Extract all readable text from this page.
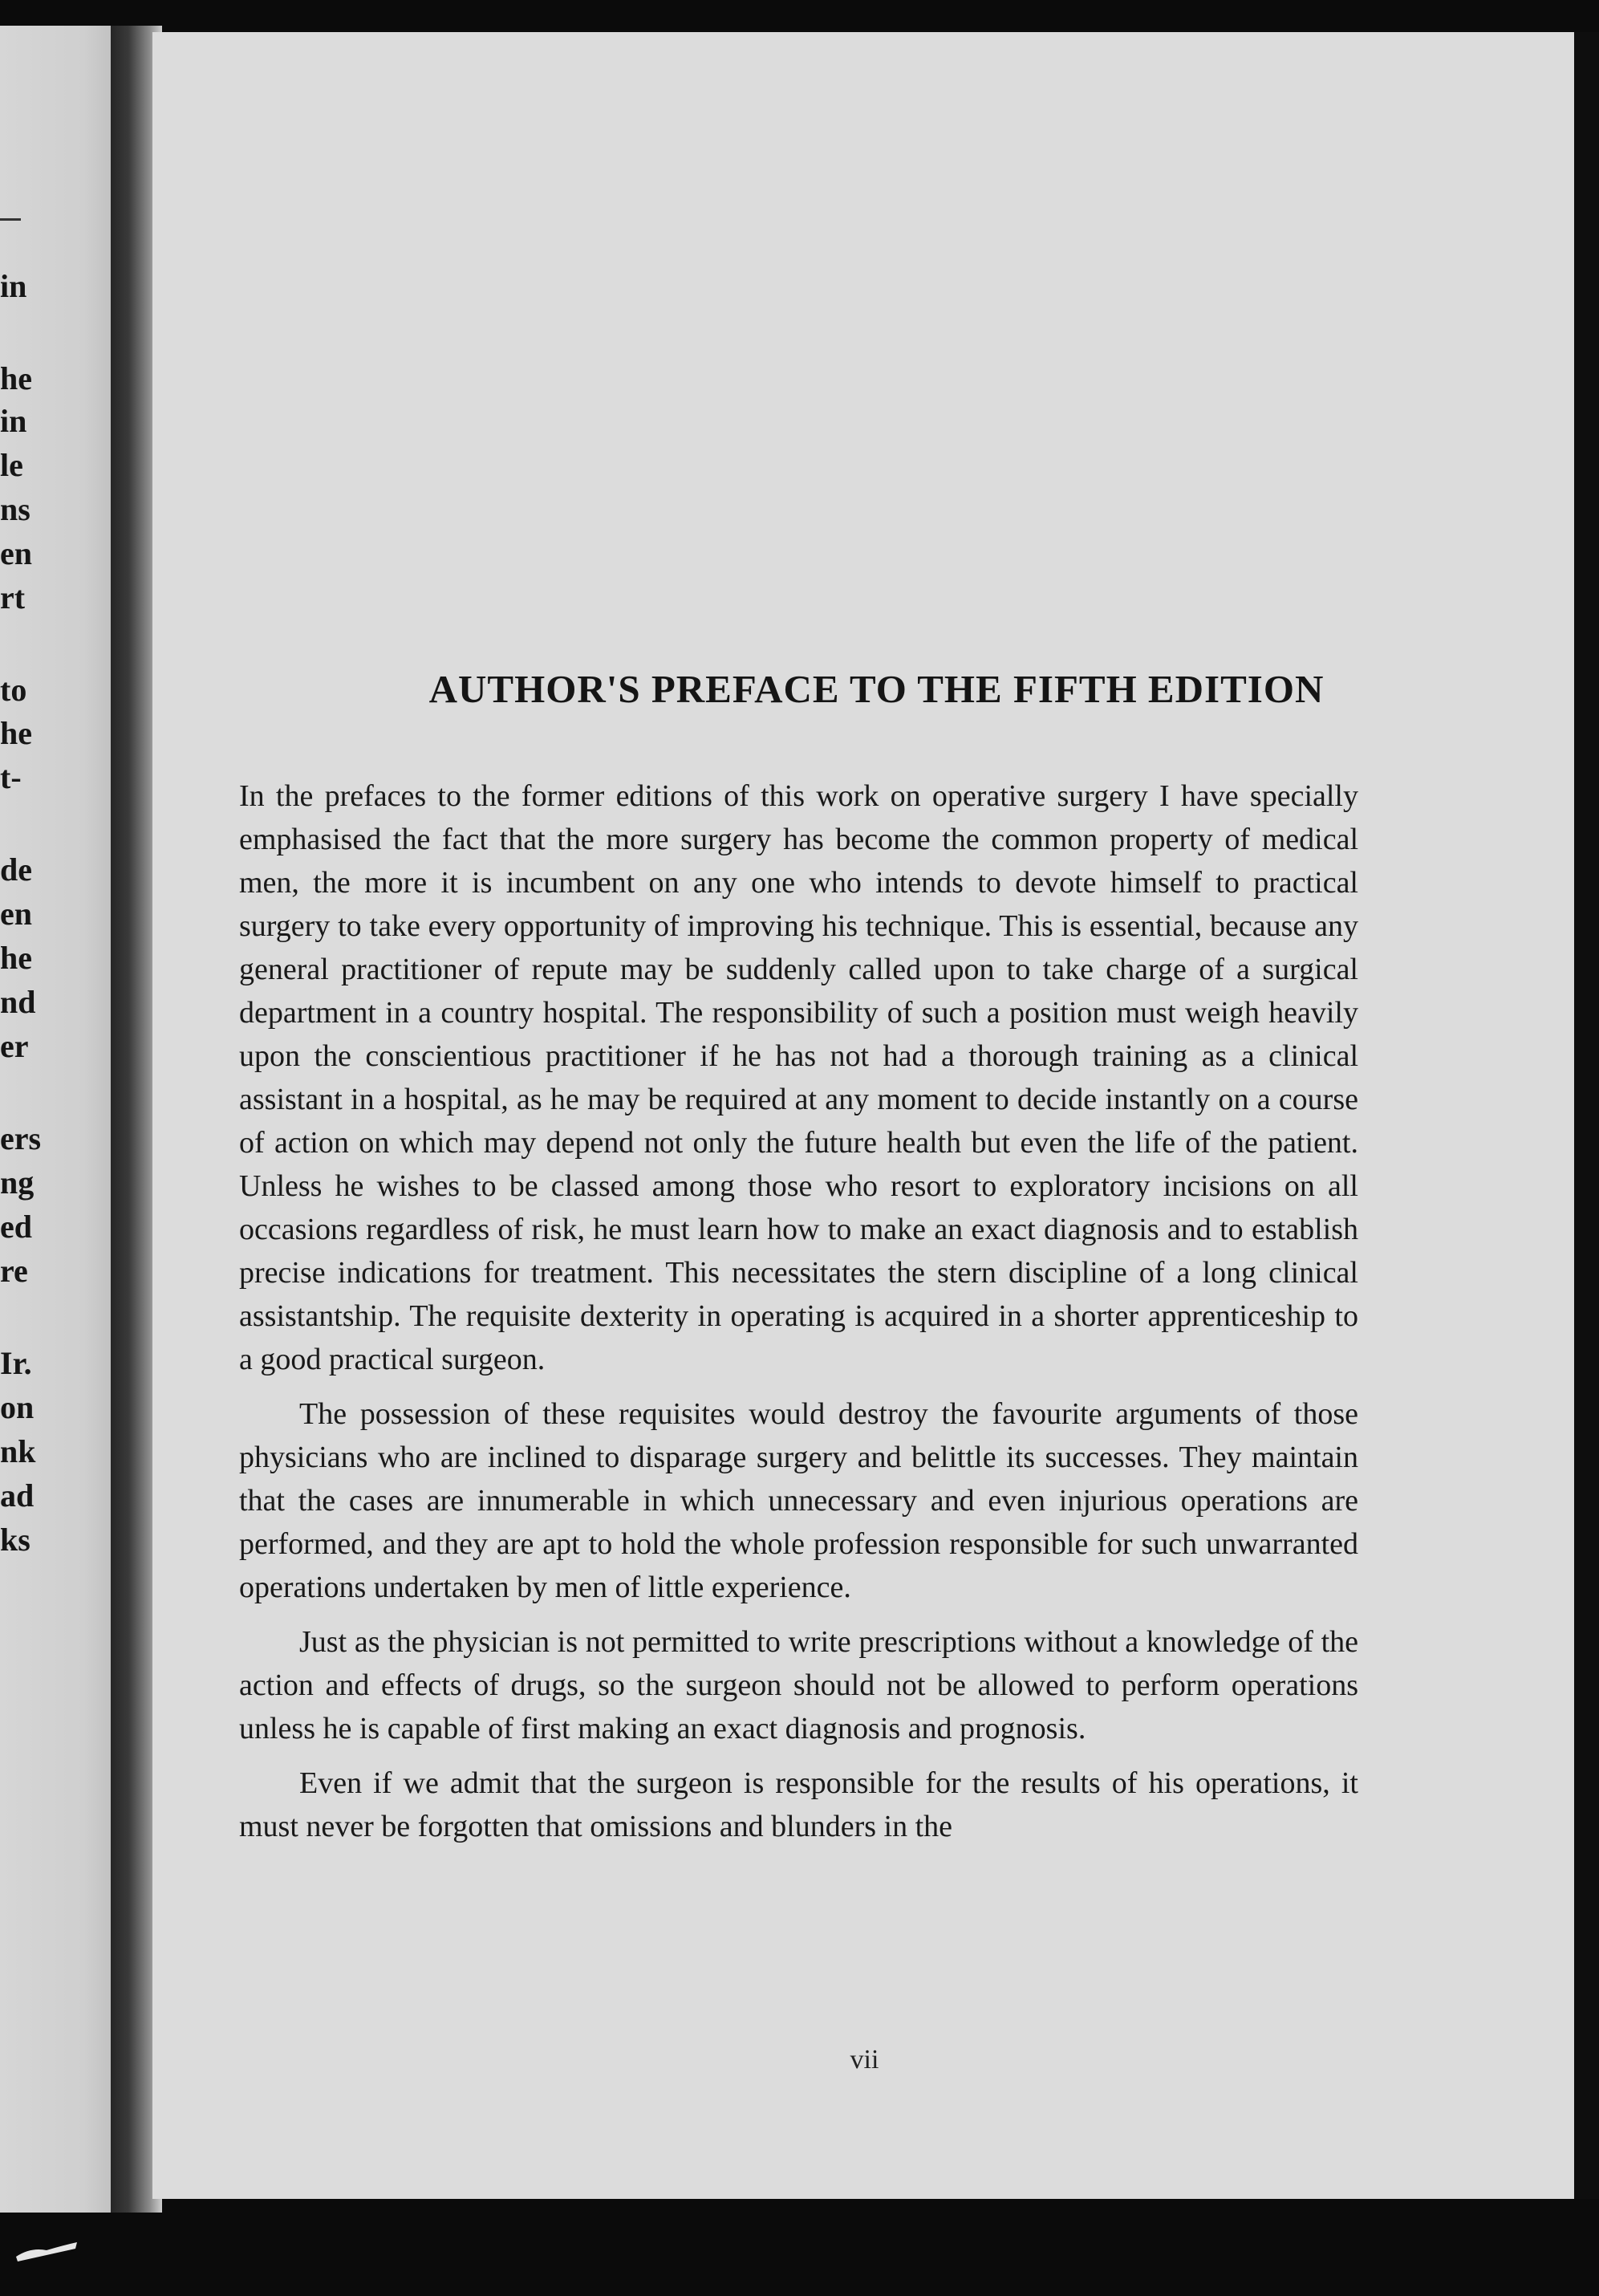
in
he
in
le
ns
en
rt
to
he
t-
de
en
he
nd
er
ers
ng
ed
re
Ir.
on
nk
ad
ks
AUTHOR'S PREFACE TO THE FIFTH EDITION

In the prefaces to the former editions of this work on operative surgery I have specially emphasised the fact that the more surgery has become the common property of medical men, the more it is incumbent on any one who intends to devote himself to practical surgery to take every opportunity of improving his technique. This is essential, because any general practitioner of repute may be suddenly called upon to take charge of a surgical department in a country hospital. The responsibility of such a position must weigh heavily upon the conscientious practitioner if he has not had a thorough training as a clinical assistant in a hospital, as he may be required at any moment to decide instantly on a course of action on which may depend not only the future health but even the life of the patient. Unless he wishes to be classed among those who resort to exploratory incisions on all occasions regardless of risk, he must learn how to make an exact diagnosis and to establish precise indications for treatment. This necessitates the stern discipline of a long clinical assistantship. The requisite dexterity in operating is acquired in a shorter apprenticeship to a good practical surgeon.

The possession of these requisites would destroy the favourite arguments of those physicians who are inclined to disparage surgery and belittle its successes. They maintain that the cases are innumerable in which unnecessary and even injurious operations are performed, and they are apt to hold the whole profession responsible for such unwarranted operations undertaken by men of little experience.

Just as the physician is not permitted to write prescriptions without a knowledge of the action and effects of drugs, so the surgeon should not be allowed to perform operations unless he is capable of first making an exact diagnosis and prognosis.

Even if we admit that the surgeon is responsible for the results of his operations, it must never be forgotten that omissions and blunders in the

vii
